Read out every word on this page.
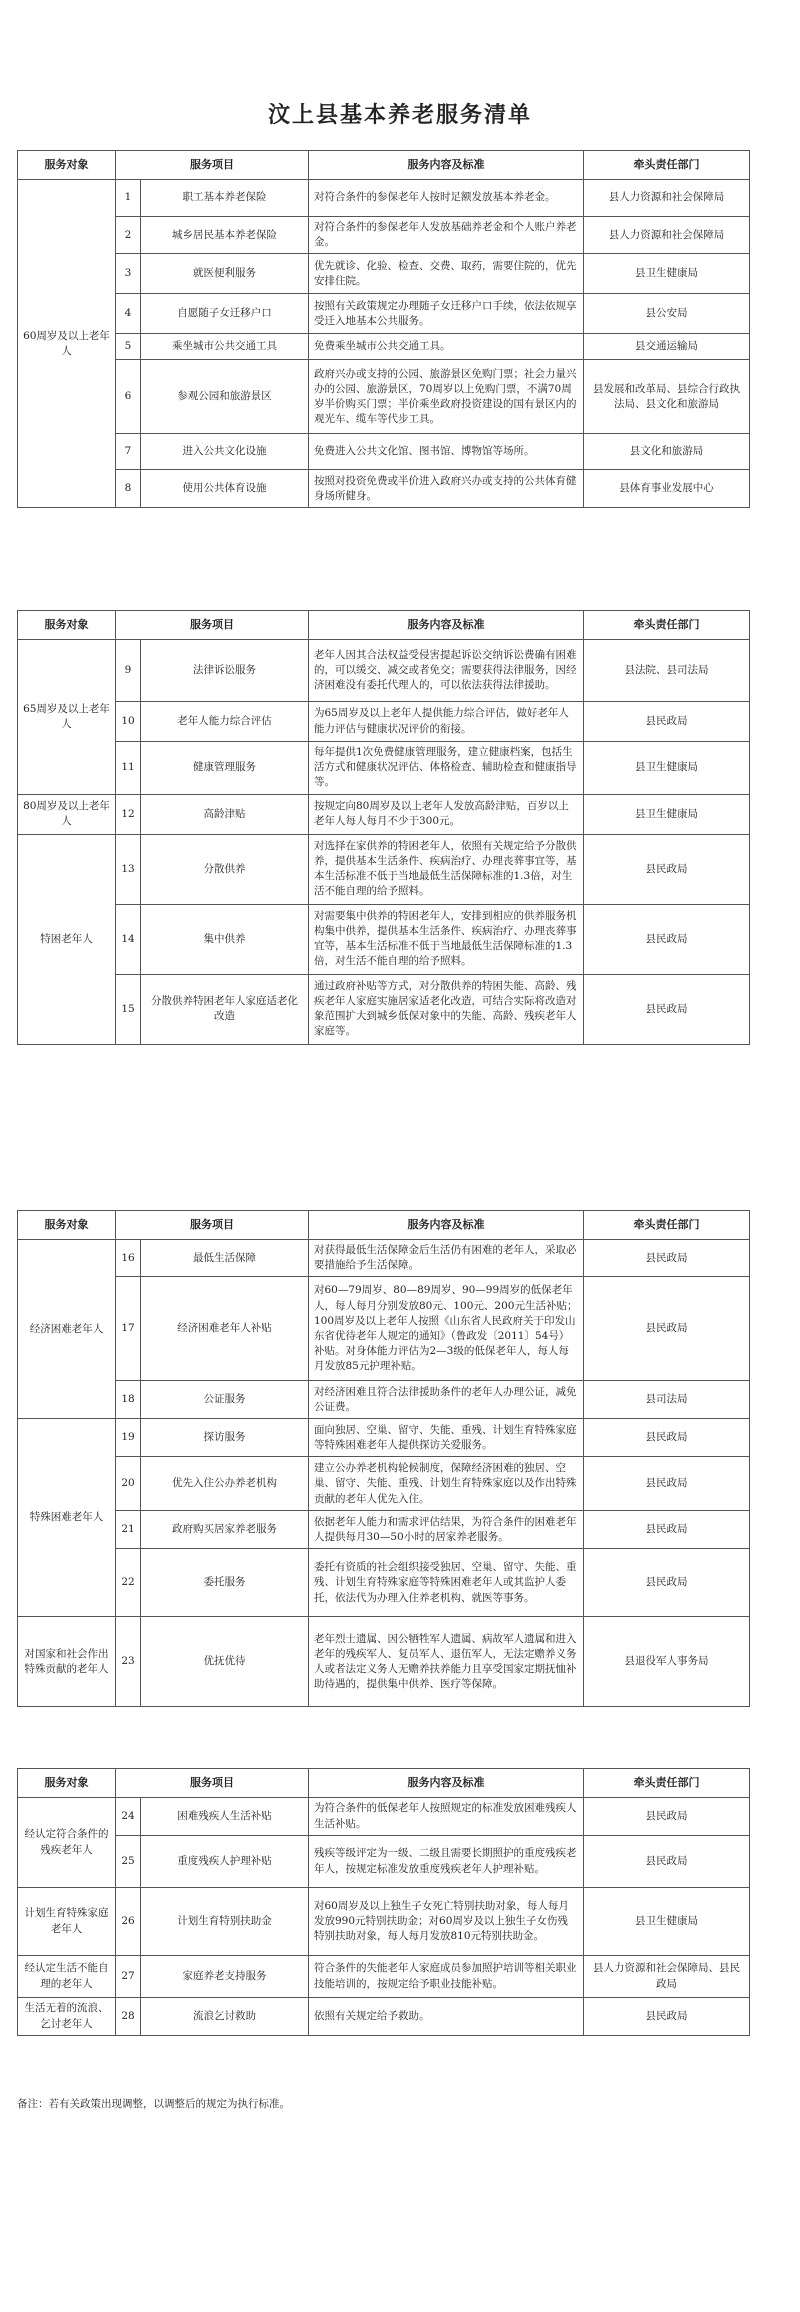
汶上县基本养老服务清单
服务对象	服务项目		服务内容及标准	牵头责任部门
60周岁及以上老年人	1	职工基本养老保险	对符合条件的参保老年人按时足额发放基本养老金。	县人力资源和社会保障局
	2	城乡居民基本养老保险	对符合条件的参保老年人发放基础养老金和个人账户养老金。	县人力资源和社会保障局
	3	就医便利服务	优先就诊、化验、检查、交费、取药，需要住院的，优先安排住院。	县卫生健康局
	4	自愿随子女迁移户口	按照有关政策规定办理随子女迁移户口手续，依法依规享受迁入地基本公共服务。	县公安局
	5	乘坐城市公共交通工具	免费乘坐城市公共交通工具。	县交通运输局
	6	参观公园和旅游景区	政府兴办或支持的公园、旅游景区免购门票；社会力量兴办的公园、旅游景区，70周岁以上免购门票，不满70周岁半价购买门票；半价乘坐政府投资建设的国有景区内的观光车、缆车等代步工具。	县发展和改革局、县综合行政执法局、县文化和旅游局
	7	进入公共文化设施	免费进入公共文化馆、图书馆、博物馆等场所。	县文化和旅游局
	8	使用公共体育设施	按照对投资免费或半价进入政府兴办或支持的公共体育健身场所健身。	县体育事业发展中心
服务对象	服务项目		服务内容及标准	牵头责任部门
65周岁及以上老年人	9	法律诉讼服务	老年人因其合法权益受侵害提起诉讼交纳诉讼费确有困难的，可以缓交、减交或者免交；需要获得法律服务，因经济困难没有委托代理人的，可以依法获得法律援助。	县法院、县司法局
	10	老年人能力综合评估	为65周岁及以上老年人提供能力综合评估，做好老年人能力评估与健康状况评价的衔接。	县民政局
	11	健康管理服务	每年提供1次免费健康管理服务，建立健康档案，包括生活方式和健康状况评估、体格检查、辅助检查和健康指导等。	县卫生健康局
80周岁及以上老年人	12	高龄津贴	按规定向80周岁及以上老年人发放高龄津贴，百岁以上老年人每人每月不少于300元。	县卫生健康局
特困老年人	13	分散供养	对选择在家供养的特困老年人，依照有关规定给予分散供养，提供基本生活条件、疾病治疗、办理丧葬事宜等，基本生活标准不低于当地最低生活保障标准的1.3倍，对生活不能自理的给予照料。	县民政局
	14	集中供养	对需要集中供养的特困老年人，安排到相应的供养服务机构集中供养，提供基本生活条件、疾病治疗、办理丧葬事宜等，基本生活标准不低于当地最低生活保障标准的1.3倍，对生活不能自理的给予照料。	县民政局
	15	分散供养特困老年人家庭适老化改造	通过政府补贴等方式，对分散供养的特困失能、高龄、残疾老年人家庭实施居家适老化改造，可结合实际将改造对象范围扩大到城乡低保对象中的失能、高龄、残疾老年人家庭等。	县民政局
服务对象	服务项目		服务内容及标准	牵头责任部门
经济困难老年人	16	最低生活保障	对获得最低生活保障金后生活仍有困难的老年人，采取必要措施给予生活保障。	县民政局
	17	经济困难老年人补贴	对60—79周岁、80—89周岁、90—99周岁的低保老年人，每人每月分别发放80元、100元、200元生活补贴；100周岁及以上老年人按照《山东省人民政府关于印发山东省优待老年人规定的通知》（鲁政发〔2011〕54号）补贴。对身体能力评估为2—3级的低保老年人，每人每月发放85元护理补贴。	县民政局
	18	公证服务	对经济困难且符合法律援助条件的老年人办理公证，减免公证费。	县司法局
特殊困难老年人	19	探访服务	面向独居、空巢、留守、失能、重残、计划生育特殊家庭等特殊困难老年人提供探访关爱服务。	县民政局
	20	优先入住公办养老机构	建立公办养老机构轮候制度，保障经济困难的独居、空巢、留守、失能、重残、计划生育特殊家庭以及作出特殊贡献的老年人优先入住。	县民政局
	21	政府购买居家养老服务	依据老年人能力和需求评估结果，为符合条件的困难老年人提供每月30—50小时的居家养老服务。	县民政局
	22	委托服务	委托有资质的社会组织接受独居、空巢、留守、失能、重残、计划生育特殊家庭等特殊困难老年人或其监护人委托，依法代为办理入住养老机构、就医等事务。	县民政局
对国家和社会作出特殊贡献的老年人	23	优抚优待	老年烈士遗属、因公牺牲军人遗属、病故军人遗属和进入老年的残疾军人、复员军人、退伍军人，无法定赡养义务人或者法定义务人无赡养扶养能力且享受国家定期抚恤补助待遇的，提供集中供养、医疗等保障。	县退役军人事务局
服务对象	服务项目		服务内容及标准	牵头责任部门
经认定符合条件的残疾老年人	24	困难残疾人生活补贴	为符合条件的低保老年人按照规定的标准发放困难残疾人生活补贴。	县民政局
	25	重度残疾人护理补贴	残疾等级评定为一级、二级且需要长期照护的重度残疾老年人，按规定标准发放重度残疾老年人护理补贴。	县民政局
计划生育特殊家庭老年人	26	计划生育特别扶助金	对60周岁及以上独生子女死亡特别扶助对象，每人每月发放990元特别扶助金；对60周岁及以上独生子女伤残特别扶助对象，每人每月发放810元特别扶助金。	县卫生健康局
经认定生活不能自理的老年人	27	家庭养老支持服务	符合条件的失能老年人家庭成员参加照护培训等相关职业技能培训的，按规定给予职业技能补贴。	县人力资源和社会保障局、县民政局
生活无着的流浪、乞讨老年人	28	流浪乞讨救助	依照有关规定给予救助。	县民政局
备注：若有关政策出现调整，以调整后的规定为执行标准。
